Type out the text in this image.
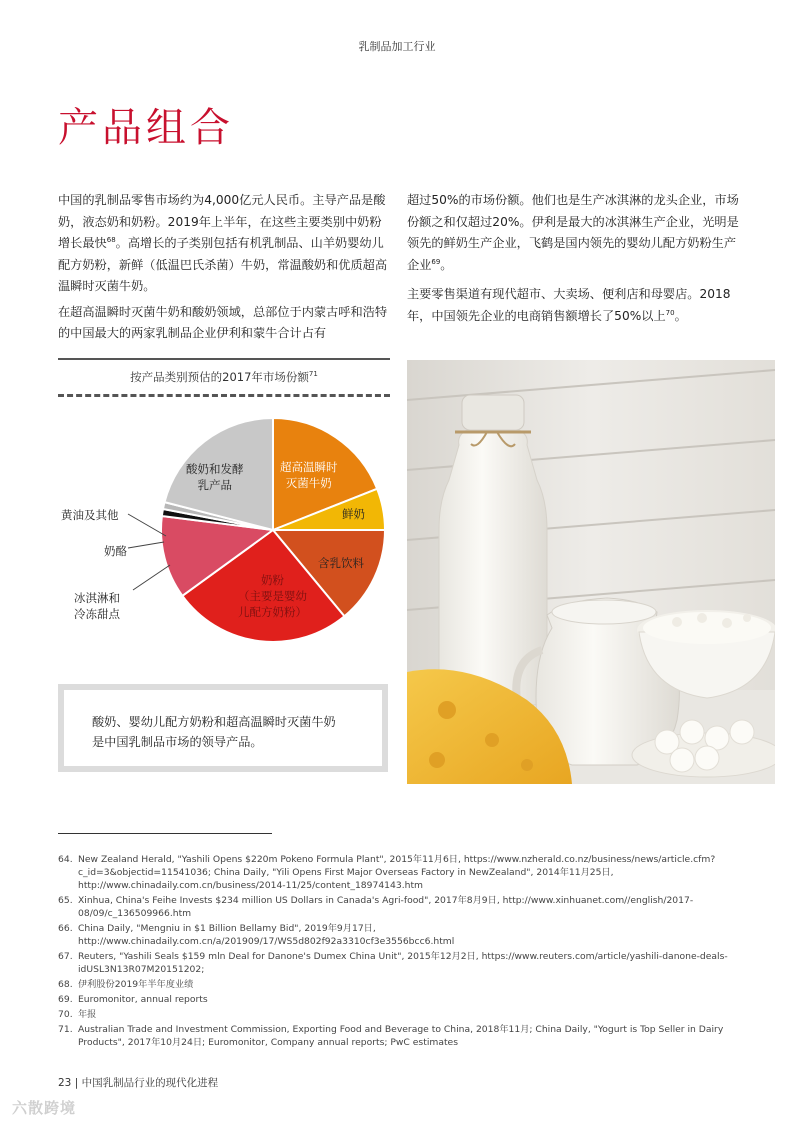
乳制品加工行业
产品组合

中国的乳制品零售市场约为4,000亿元人民币。主导产品是酸奶，液态奶和奶粉。2019年上半年，在这些主要类别中奶粉增长最快$^{68}$。高增长的子类别包括有机乳制品、山羊奶婴幼儿配方奶粉，新鲜（低温巴氏杀菌）牛奶，常温酸奶和优质超高温瞬时灭菌牛奶。

在超高温瞬时灭菌牛奶和酸奶领域，总部位于内蒙古呼和浩特的中国最大的两家乳制品企业伊利和蒙牛合计占有

超过50%的市场份额。他们也是生产冰淇淋的龙头企业，市场份额之和仅超过20%。伊利是最大的冰淇淋生产企业，光明是领先的鲜奶生产企业，飞鹤是国内领先的婴幼儿配方奶粉生产企业$^{69}$。

主要零售渠道有现代超市、大卖场、便利店和母婴店。2018年，中国领先企业的电商销售额增长了50%以上$^{70}$。

按产品类别预估的2017年市场份额$^{71}$
超高温瞬时
灭菌牛奶
鲜奶
含乳饮料
奶粉
（主要是婴幼
儿配方奶粉）
冰淇淋和
冷冻甜点
奶酪
黄油及其他
酸奶和发酵
乳产品
酸奶、婴幼儿配方奶粉和超高温瞬时灭菌牛奶
是中国乳制品市场的领导产品。
64. New Zealand Herald, "Yashili Opens $220m Pokeno Formula Plant", 2015年11月6日, https://www.nzherald.co.nz/business/news/article.cfm?c_id=3&objectid=11541036; China Daily, "Yili Opens First Major Overseas Factory in NewZealand", 2014年11月25日, http://www.chinadaily.com.cn/business/2014-11/25/content_18974143.htm
65. Xinhua, China's Feihe Invests $234 million US Dollars in Canada's Agri-food", 2017年8月9日, http://www.xinhuanet.com//english/2017-08/09/c_136509966.htm
66. China Daily, "Mengniu in $1 Billion Bellamy Bid", 2019年9月17日, http://www.chinadaily.com.cn/a/201909/17/WS5d802f92a3310cf3e3556bcc6.html
67. Reuters, "Yashili Seals $159 mln Deal for Danone's Dumex China Unit", 2015年12月2日, https://www.reuters.com/article/yashili-danone-deals-idUSL3N13R07M20151202;
68. 伊利股份2019年半年度业绩
69. Euromonitor, annual reports
70. 年报
71. Australian Trade and Investment Commission, Exporting Food and Beverage to China, 2018年11月; China Daily, "Yogurt is Top Seller in Dairy Products", 2017年10月24日; Euromonitor, Company annual reports; PwC estimates
23 | 中国乳制品行业的现代化进程
六散跨境
